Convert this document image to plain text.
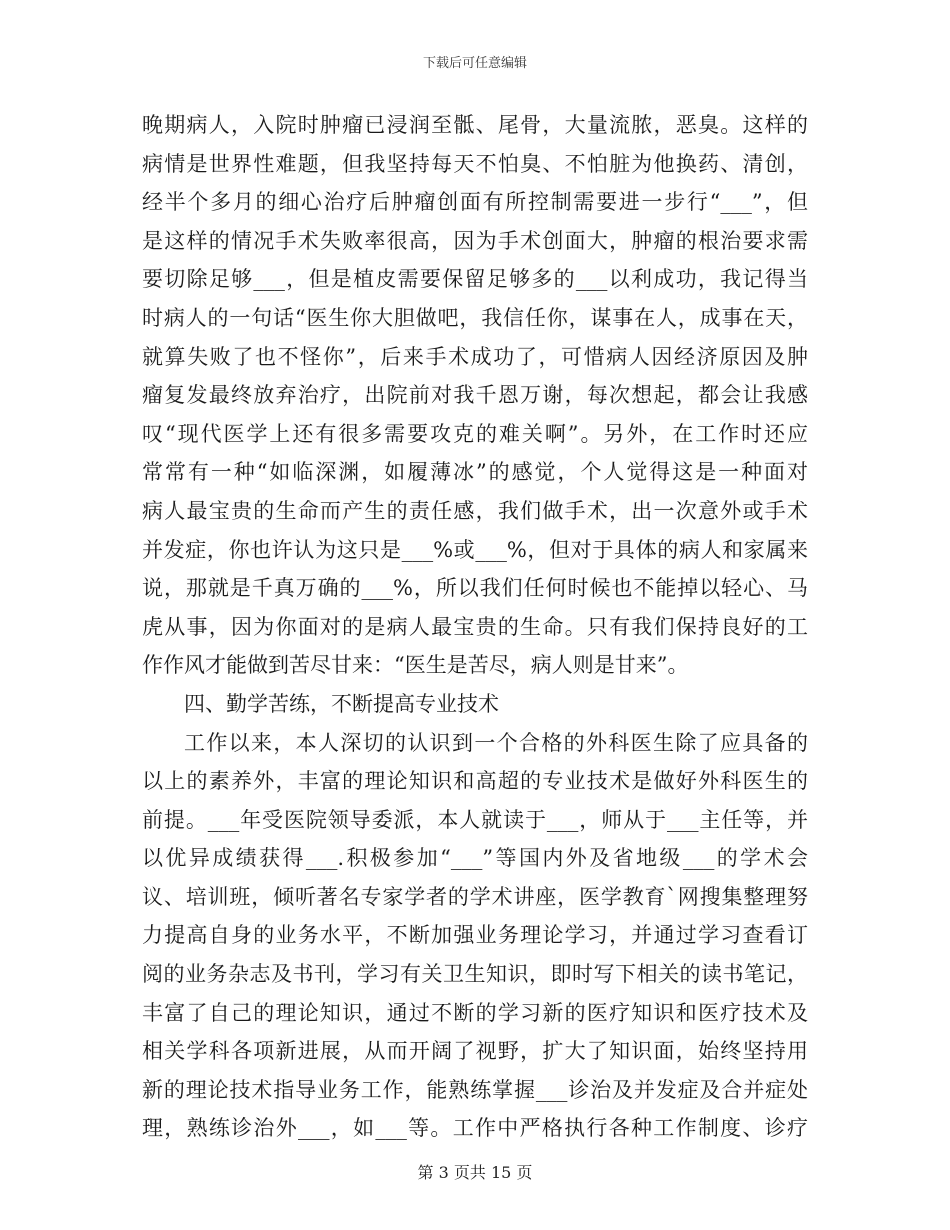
下载后可任意编辑
晚期病人，入院时肿瘤已浸润至骶、尾骨，大量流脓，恶臭。这样的
病情是世界性难题，但我坚持每天不怕臭、不怕脏为他换药、清创，
经半个多月的细心治疗后肿瘤创面有所控制需要进一步行“___”，但
是这样的情况手术失败率很高，因为手术创面大，肿瘤的根治要求需
要切除足够___，但是植皮需要保留足够多的___以利成功，我记得当
时病人的一句话“医生你大胆做吧，我信任你，谋事在人，成事在天，
就算失败了也不怪你”，后来手术成功了，可惜病人因经济原因及肿
瘤复发最终放弃治疗，出院前对我千恩万谢，每次想起，都会让我感
叹“现代医学上还有很多需要攻克的难关啊”。另外，在工作时还应
常常有一种“如临深渊，如履薄冰”的感觉，个人觉得这是一种面对
病人最宝贵的生命而产生的责任感，我们做手术，出一次意外或手术
并发症，你也许认为这只是___%或___%，但对于具体的病人和家属来
说，那就是千真万确的___%，所以我们任何时候也不能掉以轻心、马
虎从事，因为你面对的是病人最宝贵的生命。只有我们保持良好的工
作作风才能做到苦尽甘来：“医生是苦尽，病人则是甘来”。
四、勤学苦练，不断提高专业技术
工作以来，本人深切的认识到一个合格的外科医生除了应具备的
以上的素养外，丰富的理论知识和高超的专业技术是做好外科医生的
前提。___年受医院领导委派，本人就读于___，师从于___主任等，并
以优异成绩获得___.积极参加“___”等国内外及省地级___的学术会
议、培训班，倾听著名专家学者的学术讲座，医学教育`网搜集整理努
力提高自身的业务水平，不断加强业务理论学习，并通过学习查看订
阅的业务杂志及书刊，学习有关卫生知识，即时写下相关的读书笔记，
丰富了自己的理论知识，通过不断的学习新的医疗知识和医疗技术及
相关学科各项新进展，从而开阔了视野，扩大了知识面，始终坚持用
新的理论技术指导业务工作，能熟练掌握___诊治及并发症及合并症处
理，熟练诊治外___，如___等。工作中严格执行各种工作制度、诊疗
第 3 页共 15 页
